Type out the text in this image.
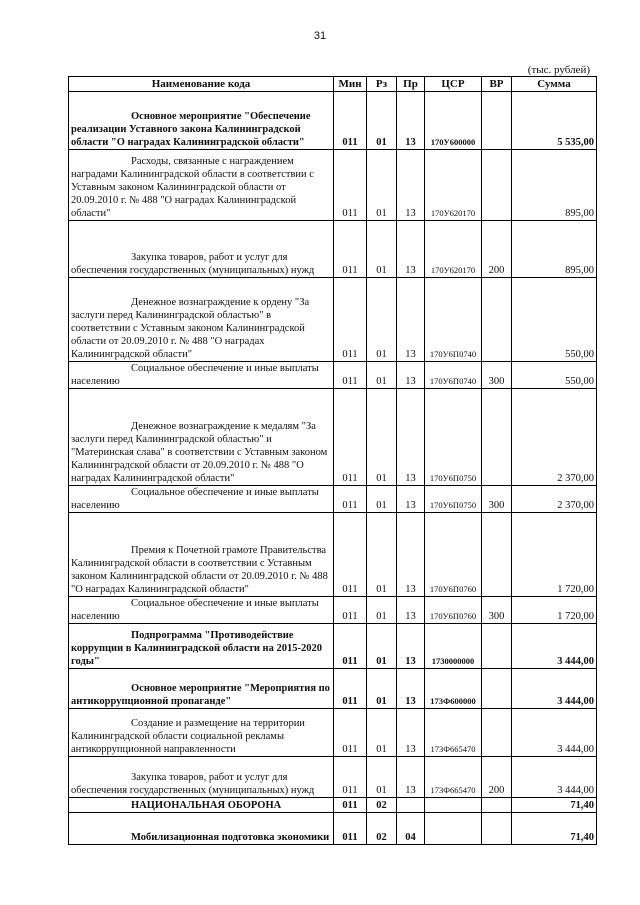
31
(тыс. рублей)
Наименование кода	Мин	Рз	Пр	ЦСР	ВР	Сумма

Основное мероприятие "Обеспечение реализации Уставного закона Калининградской области "О наградах Калининградской области"	011	01	13	170У600000		5 535,00

Расходы, связанные с награждением наградами Калининградской области в соответствии с Уставным законом Калининградской области от 20.09.2010 г. № 488 "О наградах Калининградской области"	011	01	13	170У620170		895,00

Закупка товаров, работ и услуг для обеспечения государственных (муниципальных) нужд	011	01	13	170У620170	200	895,00

Денежное вознаграждение к ордену "За заслуги перед Калининградской областью" в соответствии с Уставным законом Калининградской области от 20.09.2010 г. № 488 "О наградах Калининградской области"	011	01	13	170У6П0740		550,00

Социальное обеспечение и иные выплаты населению	011	01	13	170У6П0740	300	550,00

Денежное вознаграждение к медалям "За заслуги перед Калининградской областью" и "Материнская слава" в соответствии с Уставным законом Калининградской области от 20.09.2010 г. № 488 "О наградах Калининградской области"	011	01	13	170У6П0750		2 370,00

Социальное обеспечение и иные выплаты населению	011	01	13	170У6П0750	300	2 370,00

Премия к Почетной грамоте Правительства Калининградской области в соответствии с Уставным законом Калининградской области от 20.09.2010 г. № 488 "О наградах Калининградской области"	011	01	13	170У6П0760		1 720,00

Социальное обеспечение и иные выплаты населению	011	01	13	170У6П0760	300	1 720,00

Подпрограмма "Противодействие коррупции в Калининградской области на 2015-2020 годы"	011	01	13	1730000000		3 444,00

Основное мероприятие "Мероприятия по антикоррупционной пропаганде"	011	01	13	173Ф600000		3 444,00

Создание и размещение на территории Калининградской области социальной рекламы антикоррупционной направленности	011	01	13	173Ф665470		3 444,00

Закупка товаров, работ и услуг для обеспечения государственных (муниципальных) нужд	011	01	13	173Ф665470	200	3 444,00

НАЦИОНАЛЬНАЯ ОБОРОНА	011	02				71,40

Мобилизационная подготовка экономики	011	02	04			71,40
